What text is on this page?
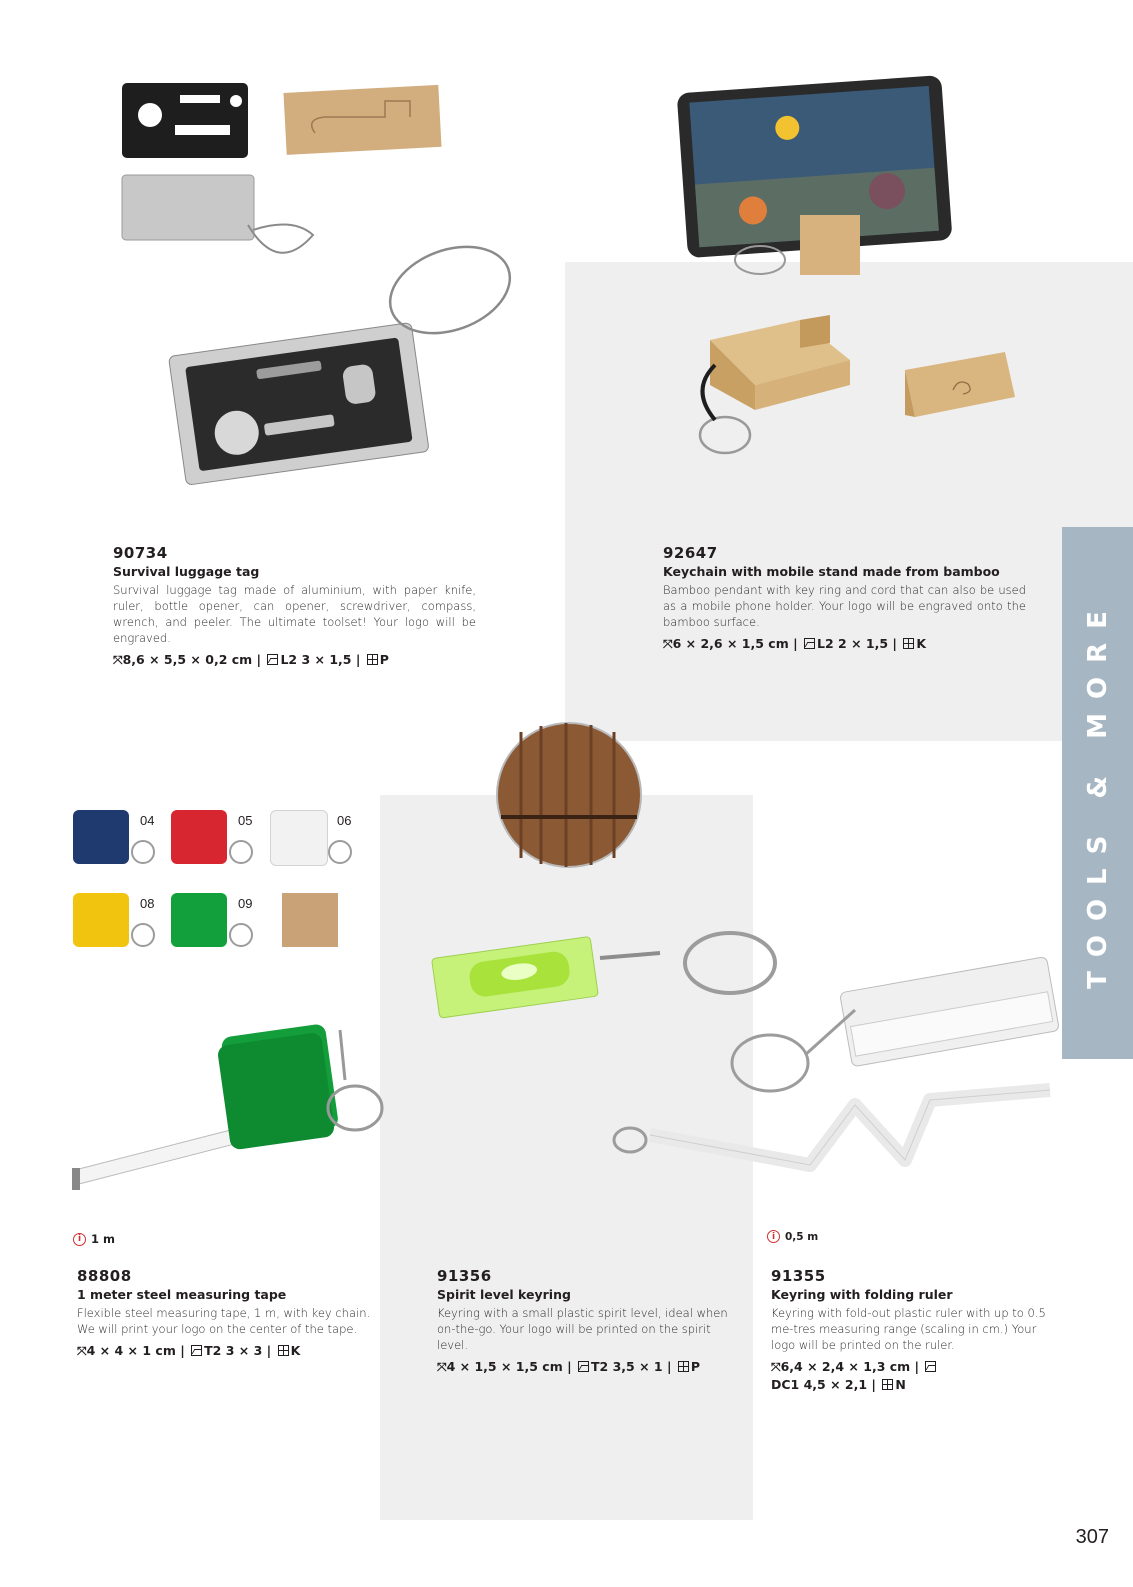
TOOLS & MORE
04	05	06
08	09
i 1 m	i 0,5 m
90734
Survival luggage tag
Survival luggage tag made of aluminium, with paper knife, ruler, bottle opener, can opener, screwdriver, compass, wrench, and peeler. The ultimate toolset! Your logo will be engraved.
⤧8,6 × 5,5 × 0,2 cm | L2 3 × 1,5 | P
92647
Keychain with mobile stand made from bamboo
Bamboo pendant with key ring and cord that can also be used as a mobile phone holder. Your logo will be engraved onto the bamboo surface.
⤧6 × 2,6 × 1,5 cm | L2 2 × 1,5 | K
88808
1 meter steel measuring tape
Flexible steel measuring tape, 1 m, with key chain. We will print your logo on the center of the tape.
⤧4 × 4 × 1 cm | T2 3 × 3 | K
91356
Spirit level keyring
Keyring with a small plastic spirit level, ideal when on-the-go. Your logo will be printed on the spirit level.
⤧4 × 1,5 × 1,5 cm | T2 3,5 × 1 | P
91355
Keyring with folding ruler
Keyring with fold-out plastic ruler with up to 0.5 me-tres measuring range (scaling in cm.) Your logo will be printed on the ruler.
⤧6,4 × 2,4 × 1,3 cm |
DC1 4,5 × 2,1 | N
307
